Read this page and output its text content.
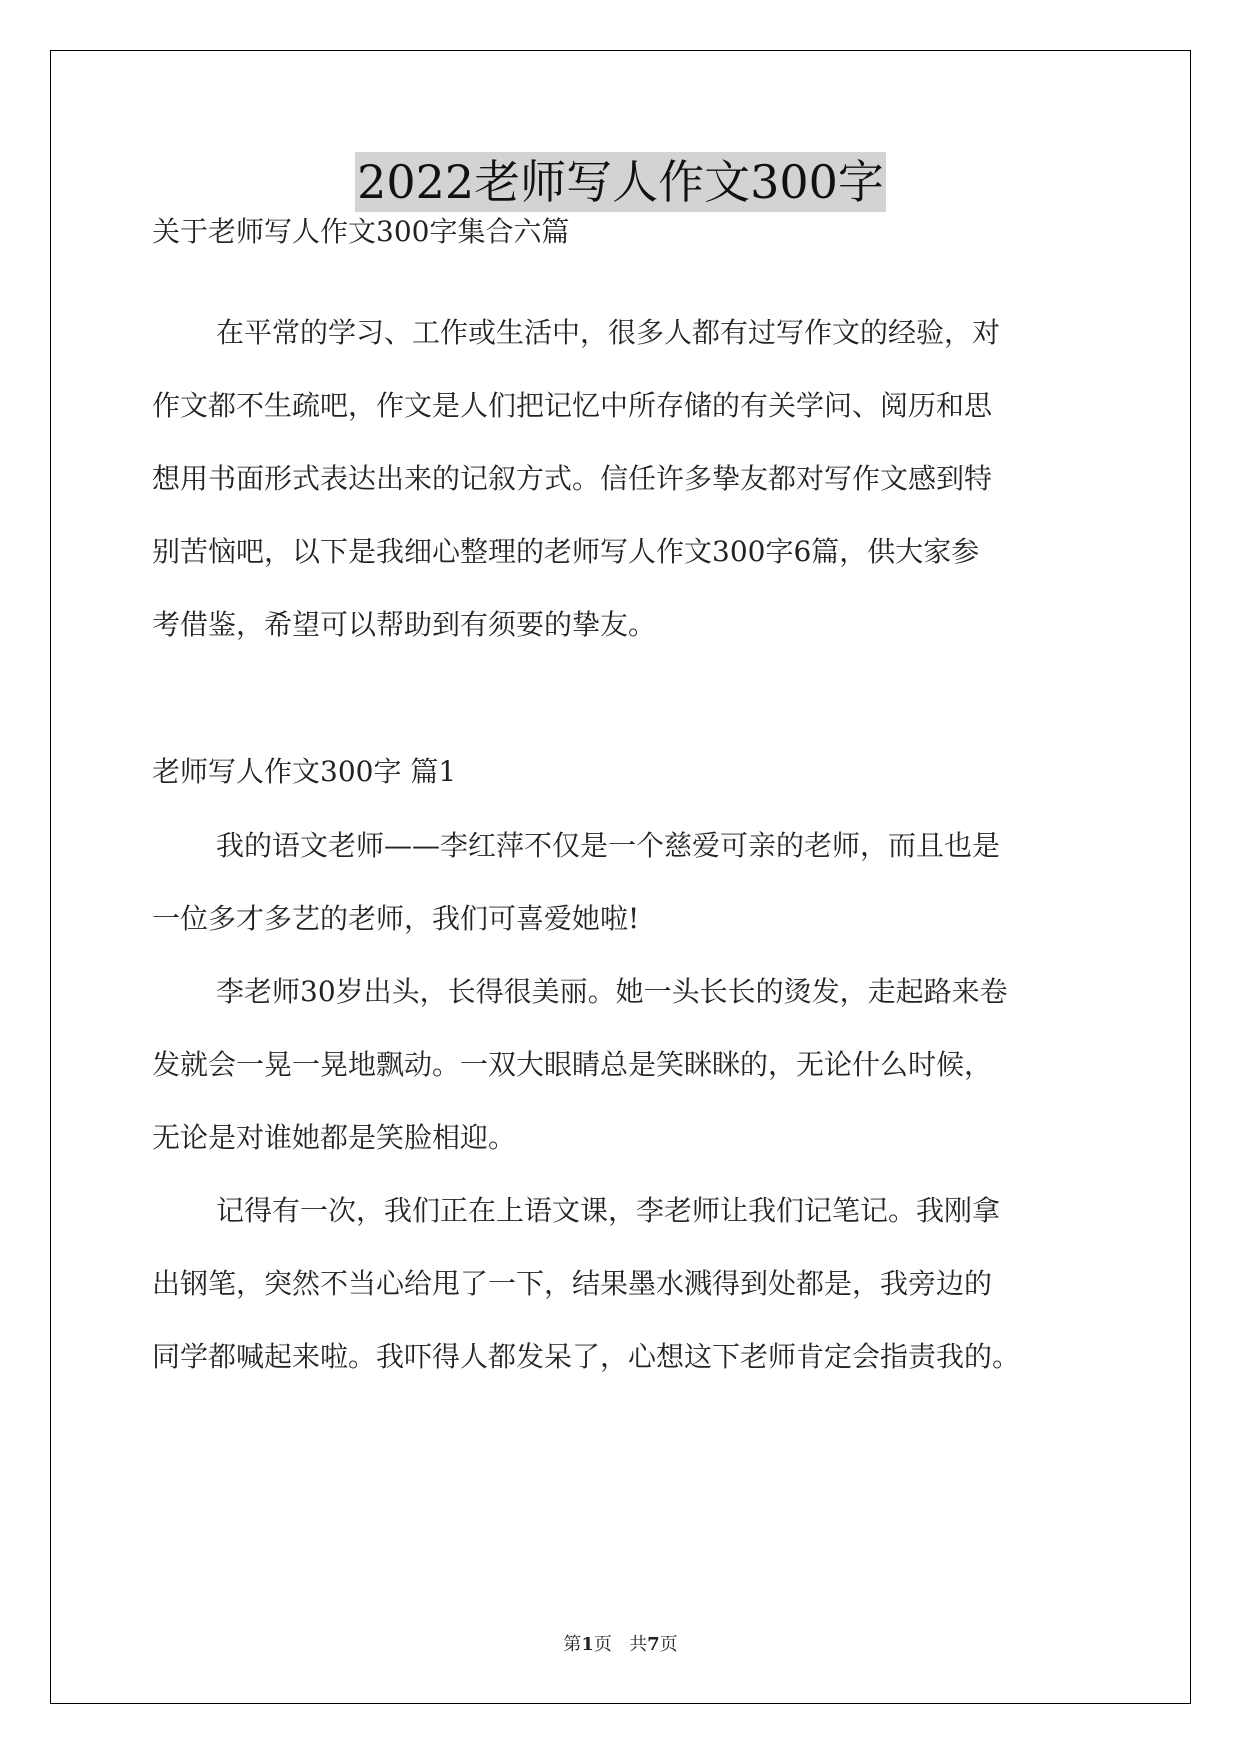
2022老师写人作文300字
关于老师写人作文300字集合六篇
在平常的学习、工作或生活中，很多人都有过写作文的经验，对
作文都不生疏吧，作文是人们把记忆中所存储的有关学问、阅历和思
想用书面形式表达出来的记叙方式。信任许多挚友都对写作文感到特
别苦恼吧，以下是我细心整理的老师写人作文300字6篇，供大家参
考借鉴，希望可以帮助到有须要的挚友。
老师写人作文300字 篇1
我的语文老师——李红萍不仅是一个慈爱可亲的老师，而且也是
一位多才多艺的老师，我们可喜爱她啦!
李老师30岁出头，长得很美丽。她一头长长的烫发，走起路来卷
发就会一晃一晃地飘动。一双大眼睛总是笑眯眯的，无论什么时候，
无论是对谁她都是笑脸相迎。
记得有一次，我们正在上语文课，李老师让我们记笔记。我刚拿
出钢笔，突然不当心给甩了一下，结果墨水溅得到处都是，我旁边的
同学都喊起来啦。我吓得人都发呆了，心想这下老师肯定会指责我的。
第1页   共7页
